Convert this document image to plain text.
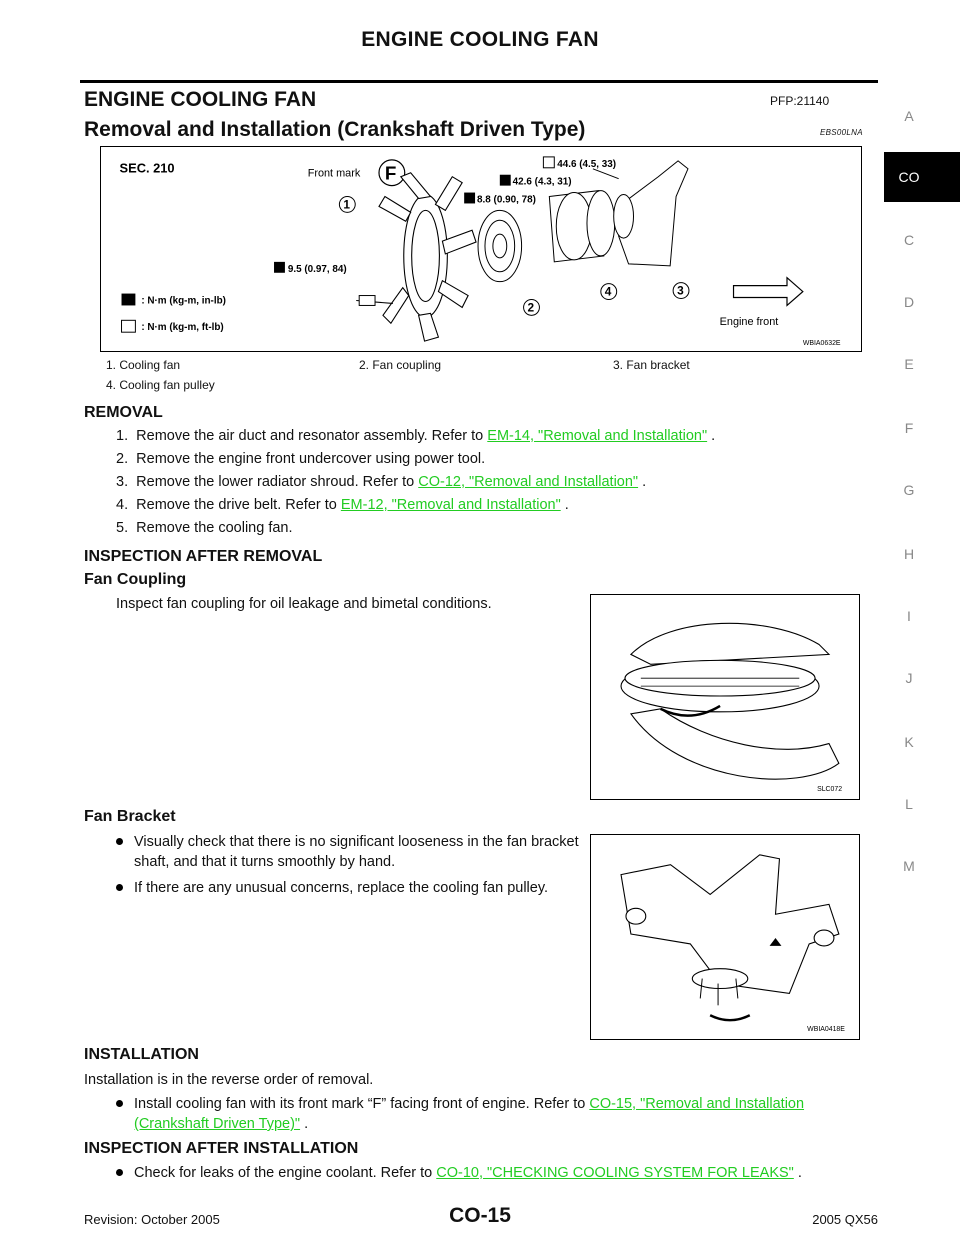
ENGINE COOLING FAN
ENGINE COOLING FAN	PFP:21140
Removal and Installation (Crankshaft Driven Type)	EBS00LNA
A
CO
C
D
E
F
G
H
I
J
K
L
M
SEC. 210	Front mark F	44.6 (4.5, 33)
42.6 (4.3, 31)
8.8 (0.90, 78)
9.5 (0.97, 84)
1
2
3
4
: N·m (kg-m, in-lb)
: N·m (kg-m, ft-lb)	Engine front
WBIA0632E
1. Cooling fan	2. Fan coupling	3. Fan bracket
4. Cooling fan pulley
REMOVAL
1. Remove the air duct and resonator assembly. Refer to EM-14, "Removal and Installation" .
2. Remove the engine front undercover using power tool.
3. Remove the lower radiator shroud. Refer to CO-12, "Removal and Installation" .
4. Remove the drive belt. Refer to EM-12, "Removal and Installation" .
5. Remove the cooling fan.
INSPECTION AFTER REMOVAL
Fan Coupling
Inspect fan coupling for oil leakage and bimetal conditions.
SLC072
Fan Bracket
Visually check that there is no significant looseness in the fan bracket shaft, and that it turns smoothly by hand.
If there are any unusual concerns, replace the cooling fan pulley.
WBIA0418E
INSTALLATION
Installation is in the reverse order of removal.
Install cooling fan with its front mark “F” facing front of engine. Refer to CO-15, "Removal and Installation (Crankshaft Driven Type)" .
INSPECTION AFTER INSTALLATION
Check for leaks of the engine coolant. Refer to CO-10, "CHECKING COOLING SYSTEM FOR LEAKS" .
Revision: October 2005	CO-15	2005 QX56
